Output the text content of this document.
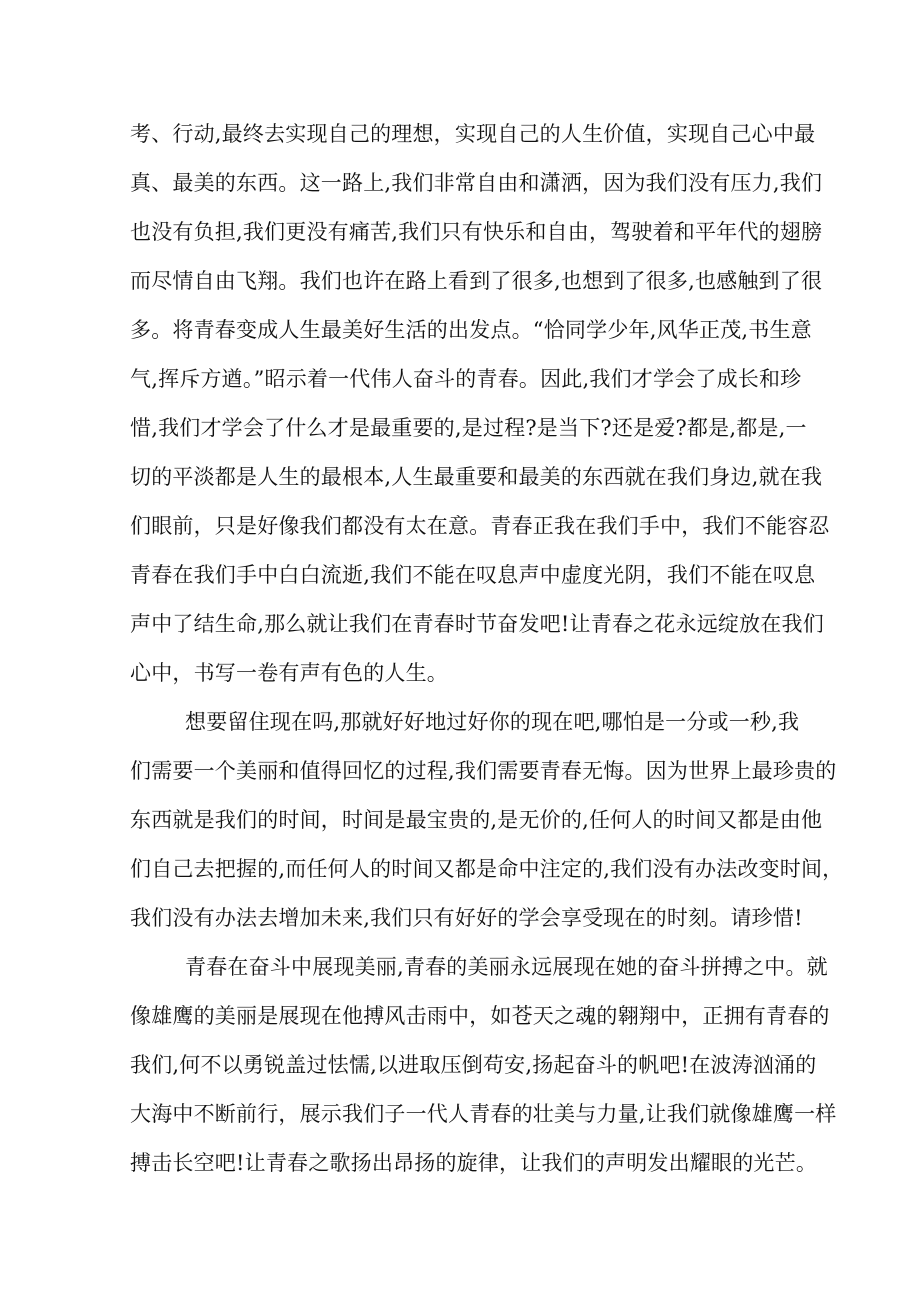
考、行动,最终去实现自己的理想，实现自己的人生价值，实现自己心中最
真、最美的东西。这一路上,我们非常自由和潇洒，因为我们没有压力,我们
也没有负担,我们更没有痛苦,我们只有快乐和自由，驾驶着和平年代的翅膀
而尽情自由飞翔。我们也许在路上看到了很多,也想到了很多,也感触到了很
多。将青春变成人生最美好生活的出发点。“恰同学少年,风华正茂,书生意
气,挥斥方遒。”昭示着一代伟人奋斗的青春。因此,我们才学会了成长和珍
惜,我们才学会了什么才是最重要的,是过程?是当下?还是爱?都是,都是,一
切的平淡都是人生的最根本,人生最重要和最美的东西就在我们身边,就在我
们眼前，只是好像我们都没有太在意。青春正我在我们手中，我们不能容忍
青春在我们手中白白流逝,我们不能在叹息声中虚度光阴，我们不能在叹息
声中了结生命,那么就让我们在青春时节奋发吧!让青春之花永远绽放在我们
心中，书写一卷有声有色的人生。
想要留住现在吗,那就好好地过好你的现在吧,哪怕是一分或一秒,我
们需要一个美丽和值得回忆的过程,我们需要青春无悔。因为世界上最珍贵的
东西就是我们的时间，时间是最宝贵的,是无价的,任何人的时间又都是由他
们自己去把握的,而任何人的时间又都是命中注定的,我们没有办法改变时间，
我们没有办法去增加未来,我们只有好好的学会享受现在的时刻。请珍惜!
青春在奋斗中展现美丽,青春的美丽永远展现在她的奋斗拼搏之中。就
像雄鹰的美丽是展现在他搏风击雨中，如苍天之魂的翱翔中，正拥有青春的
我们,何不以勇锐盖过怯懦,以进取压倒苟安,扬起奋斗的帆吧!在波涛汹涌的
大海中不断前行，展示我们子一代人青春的壮美与力量,让我们就像雄鹰一样
搏击长空吧!让青春之歌扬出昂扬的旋律，让我们的声明发出耀眼的光芒。
